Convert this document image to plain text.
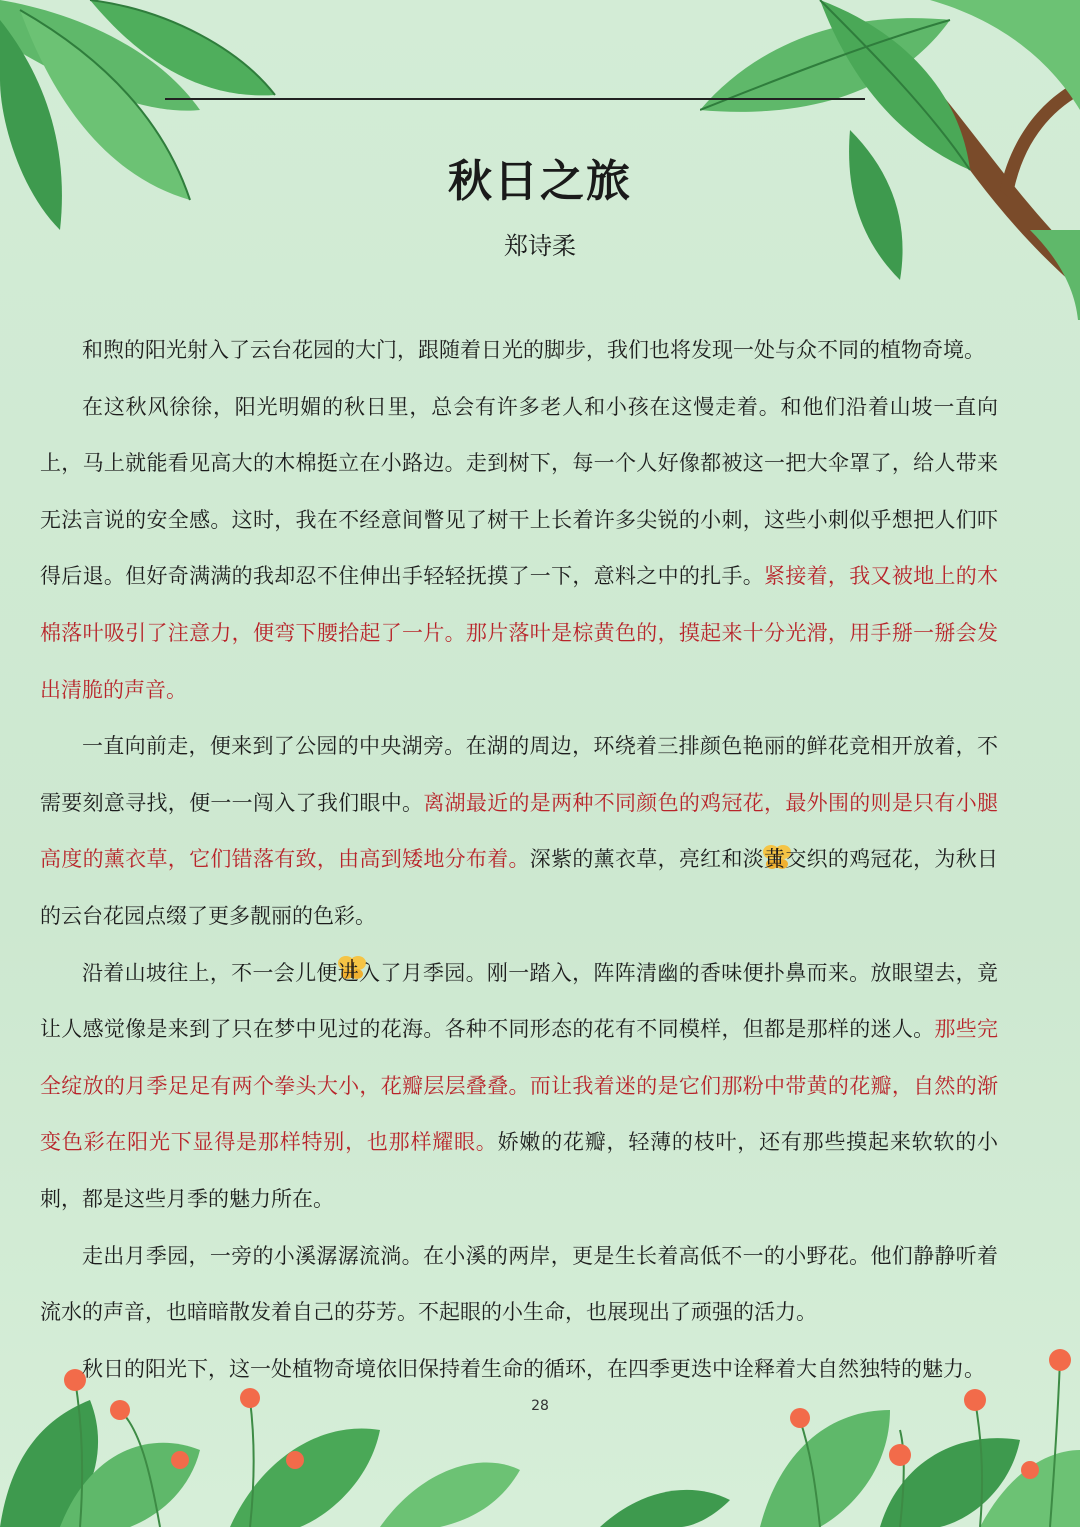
秋日之旅
郑诗柔

和煦的阳光射入了云台花园的大门，跟随着日光的脚步，我们也将发现一处与众不同的植物奇境。

在这秋风徐徐，阳光明媚的秋日里，总会有许多老人和小孩在这慢走着。和他们沿着山坡一直向上，马上就能看见高大的木棉挺立在小路边。走到树下，每一个人好像都被这一把大伞罩了，给人带来无法言说的安全感。这时，我在不经意间瞥见了树干上长着许多尖锐的小刺，这些小刺似乎想把人们吓得后退。但好奇满满的我却忍不住伸出手轻轻抚摸了一下，意料之中的扎手。紧接着，我又被地上的木棉落叶吸引了注意力，便弯下腰拾起了一片。那片落叶是棕黄色的，摸起来十分光滑，用手掰一掰会发出清脆的声音。

一直向前走，便来到了公园的中央湖旁。在湖的周边，环绕着三排颜色艳丽的鲜花竞相开放着，不需要刻意寻找，便一一闯入了我们眼中。离湖最近的是两种不同颜色的鸡冠花，最外围的则是只有小腿高度的薰衣草，它们错落有致，由高到矮地分布着。深紫的薰衣草，亮红和淡黄交织的鸡冠花，为秋日的云台花园点缀了更多靓丽的色彩。

沿着山坡往上，不一会儿便进入了月季园。刚一踏入，阵阵清幽的香味便扑鼻而来。放眼望去，竟让人感觉像是来到了只在梦中见过的花海。各种不同形态的花有不同模样，但都是那样的迷人。那些完全绽放的月季足足有两个拳头大小，花瓣层层叠叠。而让我着迷的是它们那粉中带黄的花瓣，自然的渐变色彩在阳光下显得是那样特别，也那样耀眼。娇嫩的花瓣，轻薄的枝叶，还有那些摸起来软软的小刺，都是这些月季的魅力所在。

走出月季园，一旁的小溪潺潺流淌。在小溪的两岸，更是生长着高低不一的小野花。他们静静听着流水的声音，也暗暗散发着自己的芬芳。不起眼的小生命，也展现出了顽强的活力。

秋日的阳光下，这一处植物奇境依旧保持着生命的循环，在四季更迭中诠释着大自然独特的魅力。

28
